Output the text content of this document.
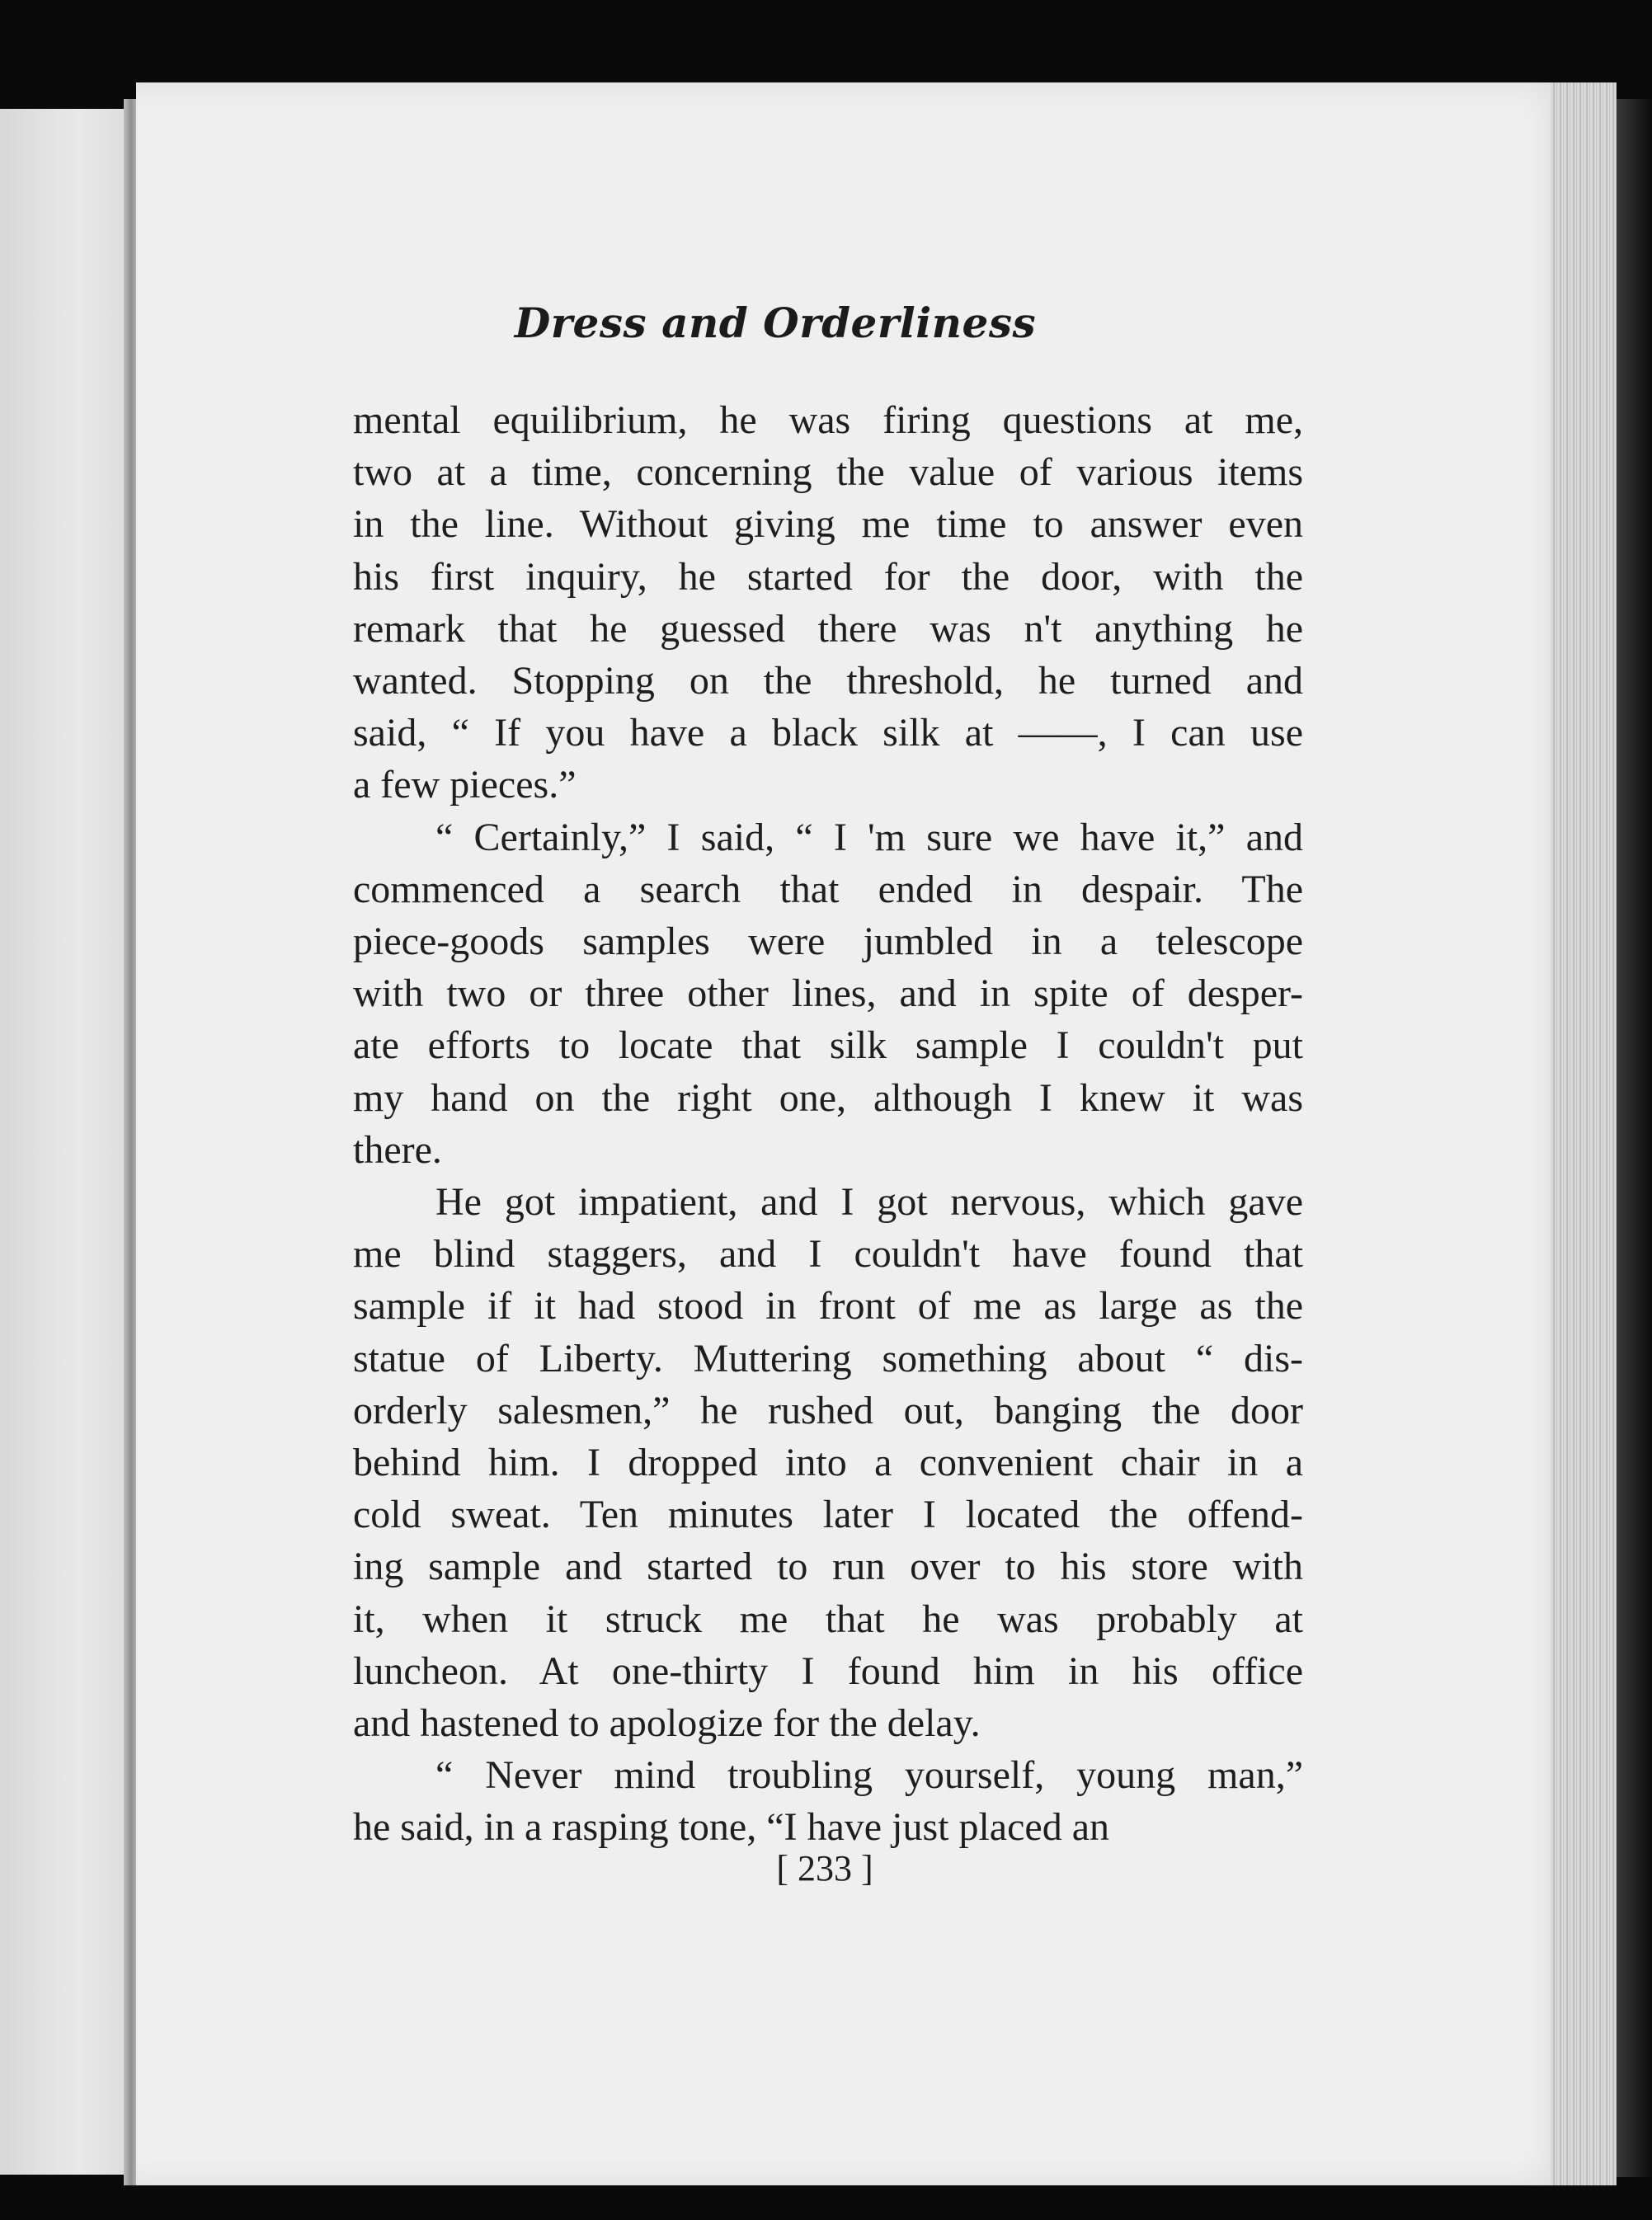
Dress and Orderliness
mental equilibrium, he was firing questions at me,
two at a time, concerning the value of various items
in the line. Without giving me time to answer even
his first inquiry, he started for the door, with the
remark that he guessed there was n't anything he
wanted. Stopping on the threshold, he turned and
said, “ If you have a black silk at ——, I can use
a few pieces.”
“ Certainly,” I said, “ I 'm sure we have it,” and
commenced a search that ended in despair. The
piece-goods samples were jumbled in a telescope
with two or three other lines, and in spite of desper-
ate efforts to locate that silk sample I couldn't put
my hand on the right one, although I knew it was
there.
He got impatient, and I got nervous, which gave
me blind staggers, and I couldn't have found that
sample if it had stood in front of me as large as the
statue of Liberty. Muttering something about “ dis-
orderly salesmen,” he rushed out, banging the door
behind him. I dropped into a convenient chair in a
cold sweat. Ten minutes later I located the offend-
ing sample and started to run over to his store with
it, when it struck me that he was probably at
luncheon. At one-thirty I found him in his office
and hastened to apologize for the delay.
“ Never mind troubling yourself, young man,”
he said, in a rasping tone, “I have just placed an
[ 233 ]
